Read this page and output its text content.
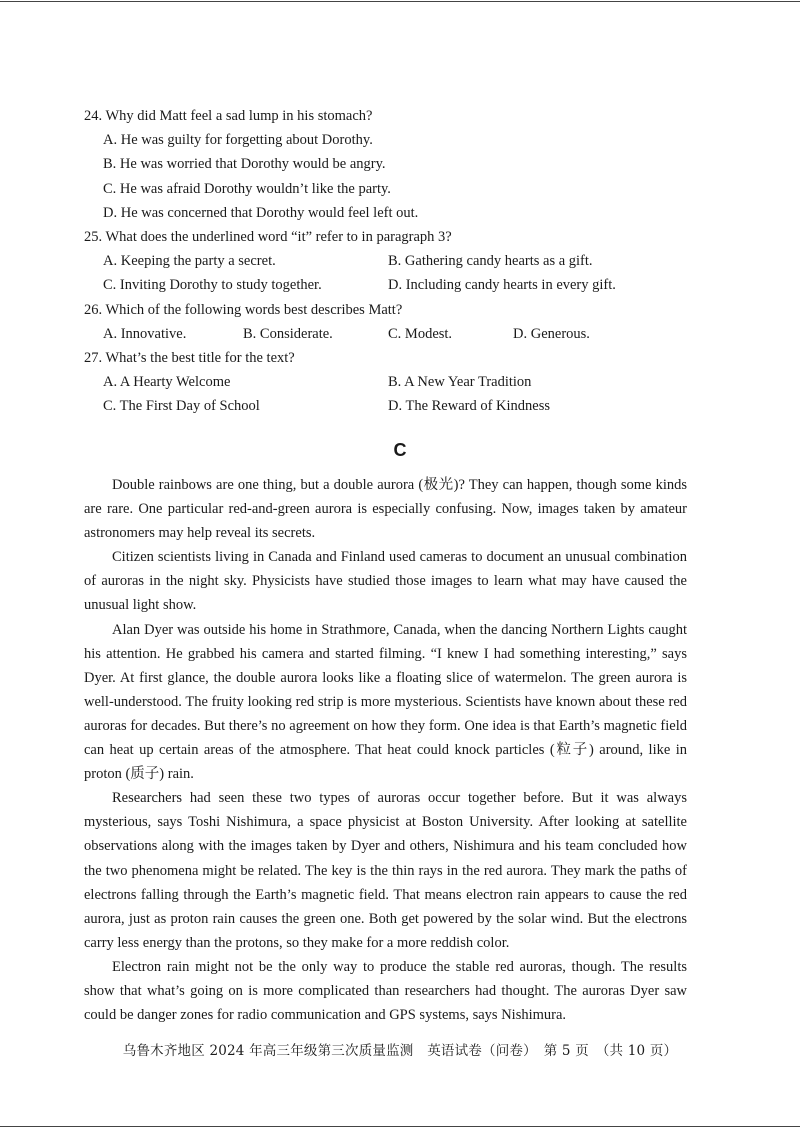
24. Why did Matt feel a sad lump in his stomach?
A. He was guilty for forgetting about Dorothy.
B. He was worried that Dorothy would be angry.
C. He was afraid Dorothy wouldn’t like the party.
D. He was concerned that Dorothy would feel left out.
25. What does the underlined word “it” refer to in paragraph 3?
A. Keeping the party a secret.	B. Gathering candy hearts as a gift.
C. Inviting Dorothy to study together.	D. Including candy hearts in every gift.
26. Which of the following words best describes Matt?
A. Innovative.	B. Considerate.	C. Modest.	D. Generous.
27. What’s the best title for the text?
A. A Hearty Welcome	B. A New Year Tradition
C. The First Day of School	D. The Reward of Kindness
C

Double rainbows are one thing, but a double aurora (极光)? They can happen, though some kinds are rare. One particular red-and-green aurora is especially confusing. Now, images taken by amateur astronomers may help reveal its secrets.

Citizen scientists living in Canada and Finland used cameras to document an unusual combination of auroras in the night sky. Physicists have studied those images to learn what may have caused the unusual light show.

Alan Dyer was outside his home in Strathmore, Canada, when the dancing Northern Lights caught his attention. He grabbed his camera and started filming. “I knew I had something interesting,” says Dyer. At first glance, the double aurora looks like a floating slice of watermelon. The green aurora is well-understood. The fruity looking red strip is more mysterious. Scientists have known about these red auroras for decades. But there’s no agreement on how they form. One idea is that Earth’s magnetic field can heat up certain areas of the atmosphere. That heat could knock particles (粒子) around, like in proton (质子) rain.

Researchers had seen these two types of auroras occur together before. But it was always mysterious, says Toshi Nishimura, a space physicist at Boston University. After looking at satellite observations along with the images taken by Dyer and others, Nishimura and his team concluded how the two phenomena might be related. The key is the thin rays in the red aurora. They mark the paths of electrons falling through the Earth’s magnetic field. That means electron rain appears to cause the red aurora, just as proton rain causes the green one. Both get powered by the solar wind. But the electrons carry less energy than the protons, so they make for a more reddish color.

Electron rain might not be the only way to produce the stable red auroras, though. The results show that what’s going on is more complicated than researchers had thought. The auroras Dyer saw could be danger zones for radio communication and GPS systems, says Nishimura.

乌鲁木齐地区 2024 年高三年级第三次质量监测　英语试卷（问卷）　第 5 页　（共 10 页）
